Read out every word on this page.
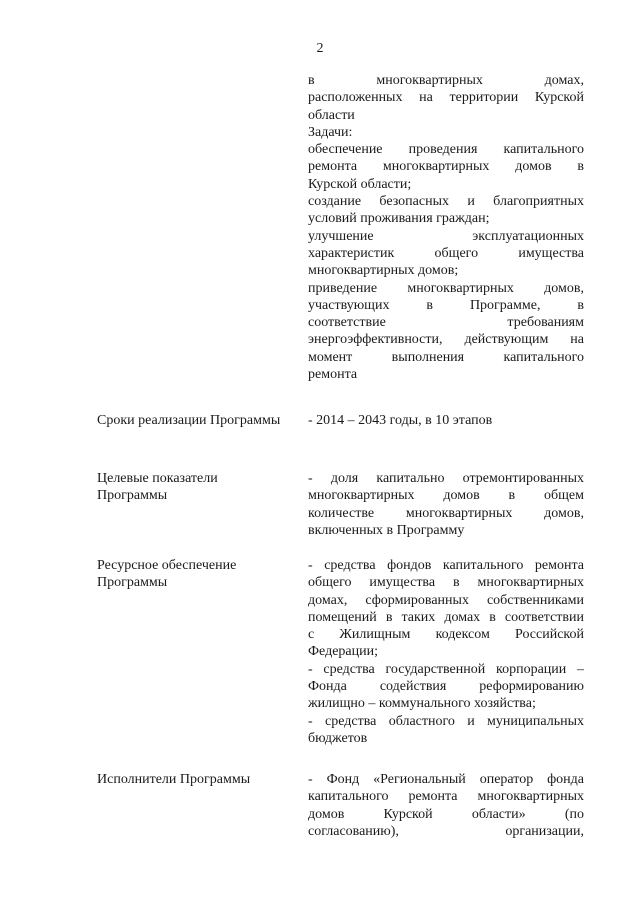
2
в многоквартирных домах,
расположенных на территории Курской
области
Задачи:
обеспечение проведения капитального
ремонта многоквартирных домов в
Курской области;
создание безопасных и благоприятных
условий проживания граждан;
улучшение эксплуатационных
характеристик общего имущества
многоквартирных домов;
приведение многоквартирных домов,
участвующих в Программе, в
соответствие требованиям
энергоэффективности, действующим на
момент выполнения капитального
ремонта
Сроки реализации Программы	- 2014 – 2043 годы, в 10 этапов
Целевые показатели
Программы
- доля капитально отремонтированных
многоквартирных домов в общем
количестве многоквартирных домов,
включенных в Программу
Ресурсное обеспечение
Программы
- средства фондов капитального ремонта
общего имущества в многоквартирных
домах, сформированных собственниками
помещений в таких домах в соответствии
с Жилищным кодексом Российской
Федерации;
- средства государственной корпорации –
Фонда содействия реформированию
жилищно – коммунального хозяйства;
- средства областного и муниципальных
бюджетов
Исполнители Программы	- Фонд «Региональный оператор фонда
капитального ремонта многоквартирных
домов Курской области» (по
согласованию), организации,
